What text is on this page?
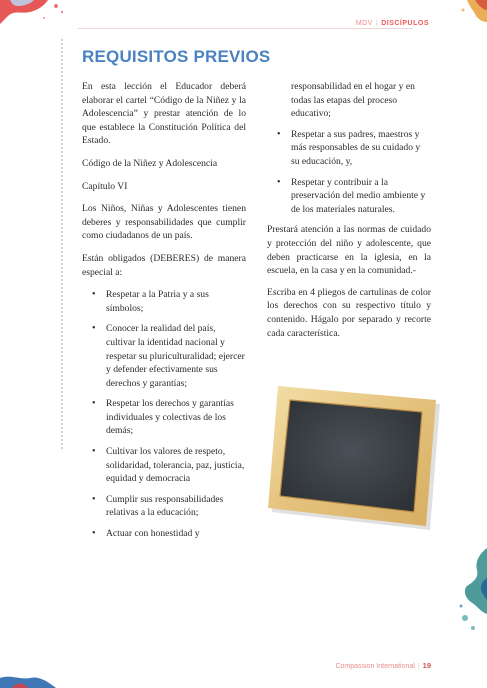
MDV | DISCÍPULOS
REQUISITOS PREVIOS

En esta lección el Educador deberá elaborar el cartel “Código de la Niñez y la Adolescencia” y prestar atención de lo que establece la Constitución Política del Estado.

Código de la Niñez y Adolescencia

Capítulo VI

Los Niños, Niñas y Adolescentes tienen deberes y responsabilidades que cumplir como ciudadanos de un país.

Están obligados (DEBERES) de manera especial a:

• Respetar a la Patria y a sus símbolos;
• Conocer la realidad del país, cultivar la identidad nacional y respetar su pluriculturalidad; ejercer y defender efectivamente sus derechos y garantías;
• Respetar los derechos y garantías individuales y colectivas de los demás;
• Cultivar los valores de respeto, solidaridad, tolerancia, paz, justicia, equidad y democracia
• Cumplir sus responsabilidades relativas a la educación;
• Actuar con honestidad y
responsabilidad en el hogar y en todas las etapas del proceso educativo;
• Respetar a sus padres, maestros y más responsables de su cuidado y su educación, y,
• Respetar y contribuir a la preservación del medio ambiente y de los materiales naturales.

Prestará atención a las normas de cuidado y protección del niño y adolescente, que deben practicarse en la iglesia, en la escuela, en la casa y en la comunidad.-

Escriba en 4 pliegos de cartulinas de color los derechos con su respectivo título y contenido. Hágalo por separado y recorte cada característica.

Compassion International | 19
